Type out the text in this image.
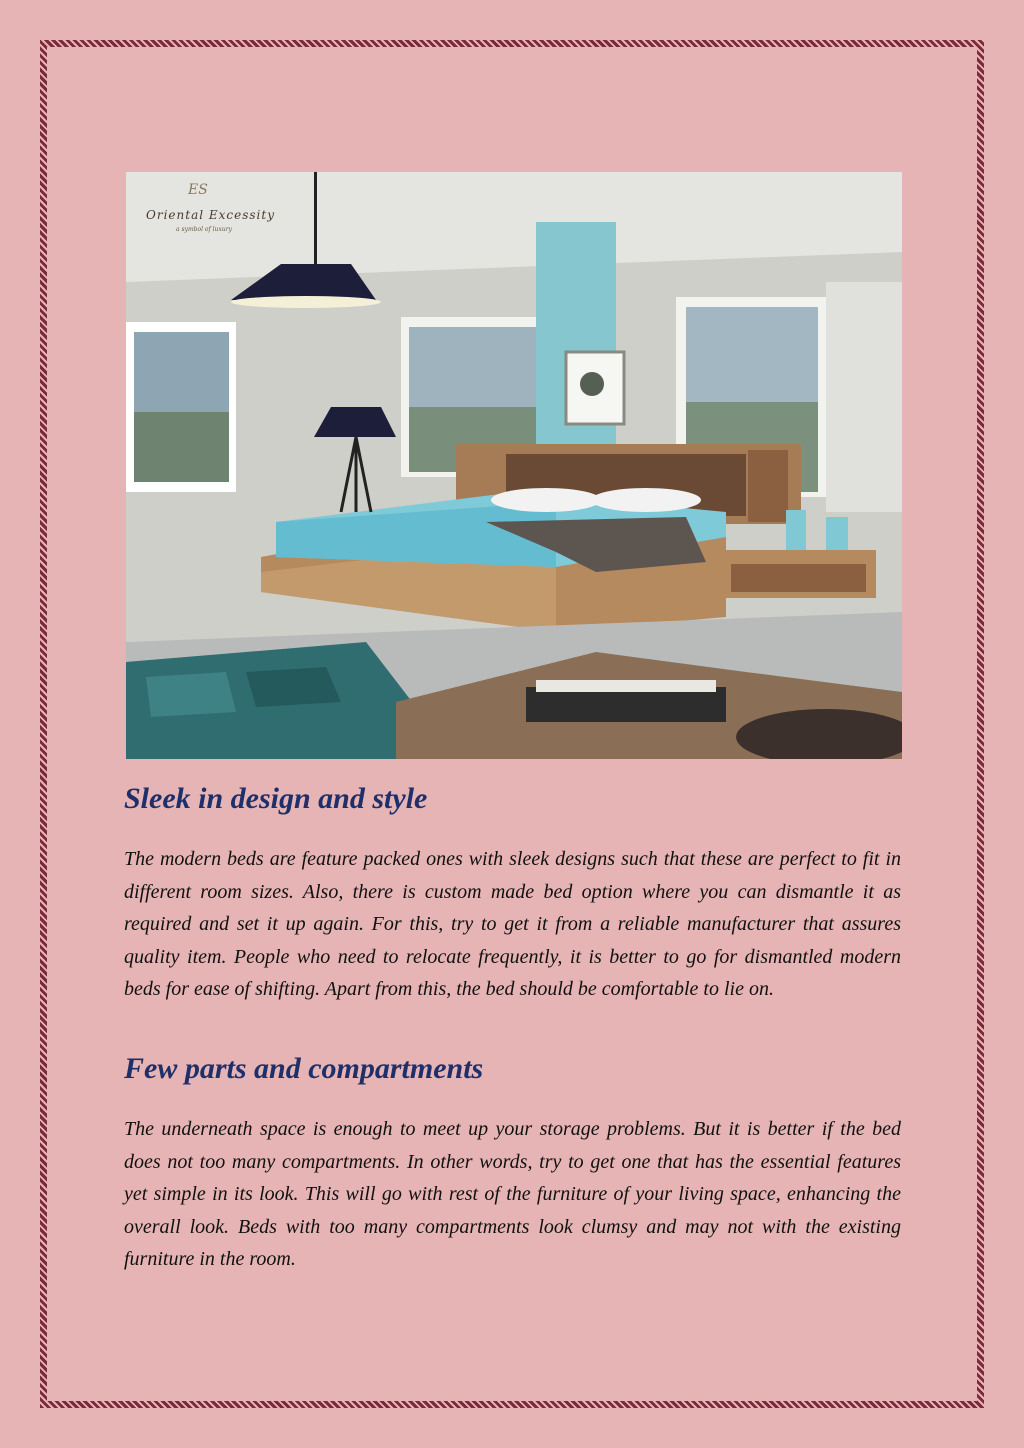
ES
Oriental Excessity
a symbol of luxury
Sleek in design and style

The modern beds are feature packed ones with sleek designs such that these are perfect to fit in different room sizes. Also, there is custom made bed option where you can dismantle it as required and set it up again. For this, try to get it from a reliable manufacturer that assures quality item. People who need to relocate frequently, it is better to go for dismantled modern beds for ease of shifting. Apart from this, the bed should be comfortable to lie on.

Few parts and compartments

The underneath space is enough to meet up your storage problems. But it is better if the bed does not too many compartments. In other words, try to get one that has the essential features yet simple in its look. This will go with rest of the furniture of your living space, enhancing the overall look. Beds with too many compartments look clumsy and may not with the existing furniture in the room.
